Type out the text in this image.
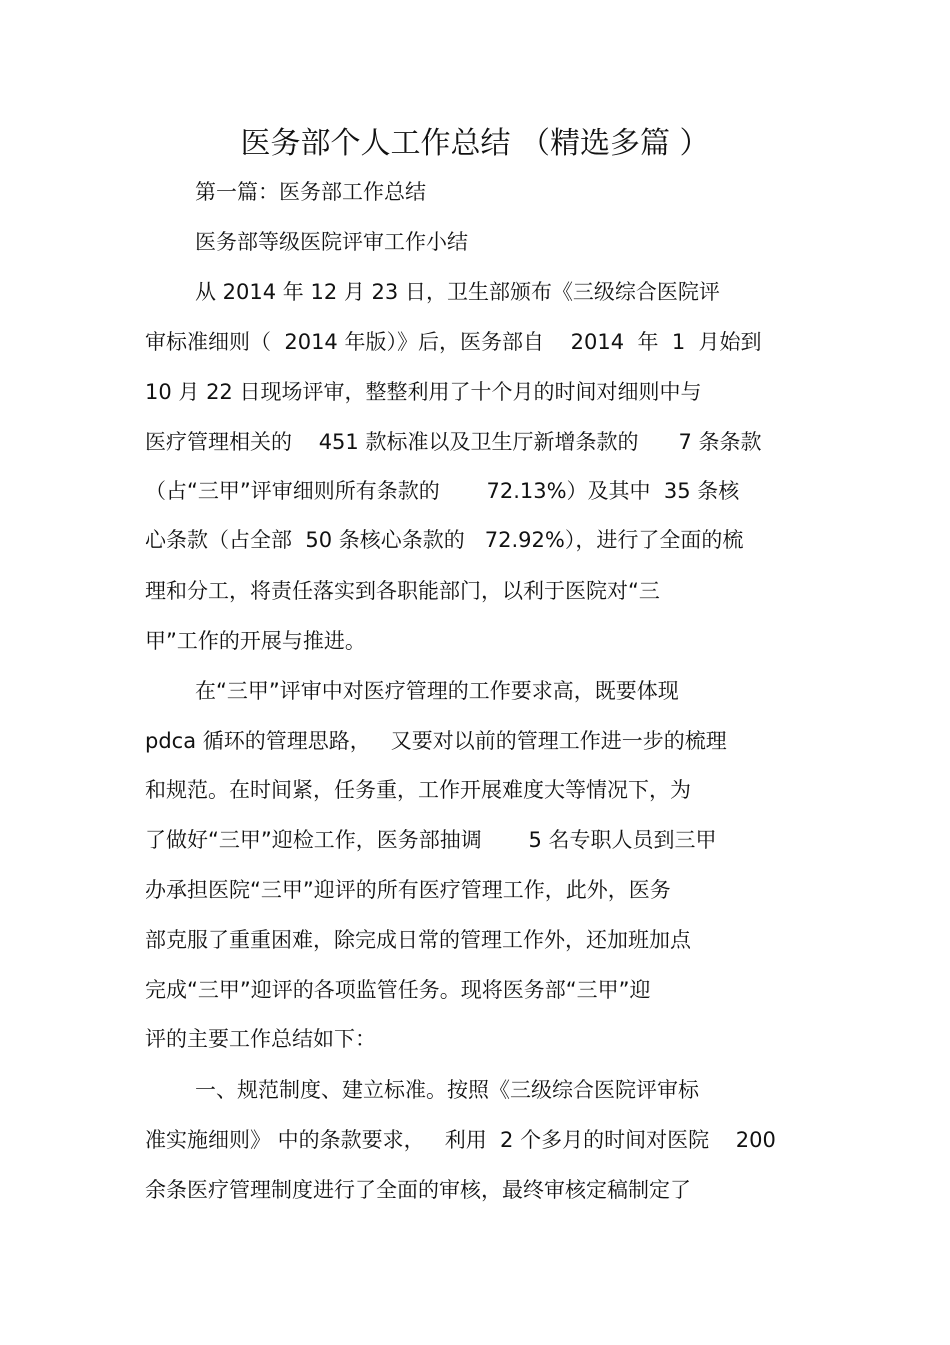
医务部个人工作总结 （精选多篇 ）

第一篇：医务部工作总结

医务部等级医院评审工作小结

从 2014 年 12 月 23 日，卫生部颁布《三级综合医院评

审标准细则（  2014 年版）》后，医务部自    2014  年  1  月始到

10 月 22 日现场评审，整整利用了十个月的时间对细则中与

医疗管理相关的    451 款标准以及卫生厅新增条款的      7 条条款

（占“三甲”评审细则所有条款的       72.13%）及其中  35 条核

心条款（占全部  50 条核心条款的   72.92%），进行了全面的梳

理和分工，将责任落实到各职能部门，以利于医院对“三

甲”工作的开展与推进。

在“三甲”评审中对医疗管理的工作要求高，既要体现

pdca 循环的管理思路，   又要对以前的管理工作进一步的梳理

和规范。在时间紧，任务重，工作开展难度大等情况下，为

了做好“三甲”迎检工作，医务部抽调       5 名专职人员到三甲

办承担医院“三甲”迎评的所有医疗管理工作，此外，医务

部克服了重重困难，除完成日常的管理工作外，还加班加点

完成“三甲”迎评的各项监管任务。现将医务部“三甲”迎

评的主要工作总结如下：

一、规范制度、建立标准。按照《三级综合医院评审标

准实施细则》 中的条款要求，   利用  2 个多月的时间对医院    200

余条医疗管理制度进行了全面的审核，最终审核定稿制定了
